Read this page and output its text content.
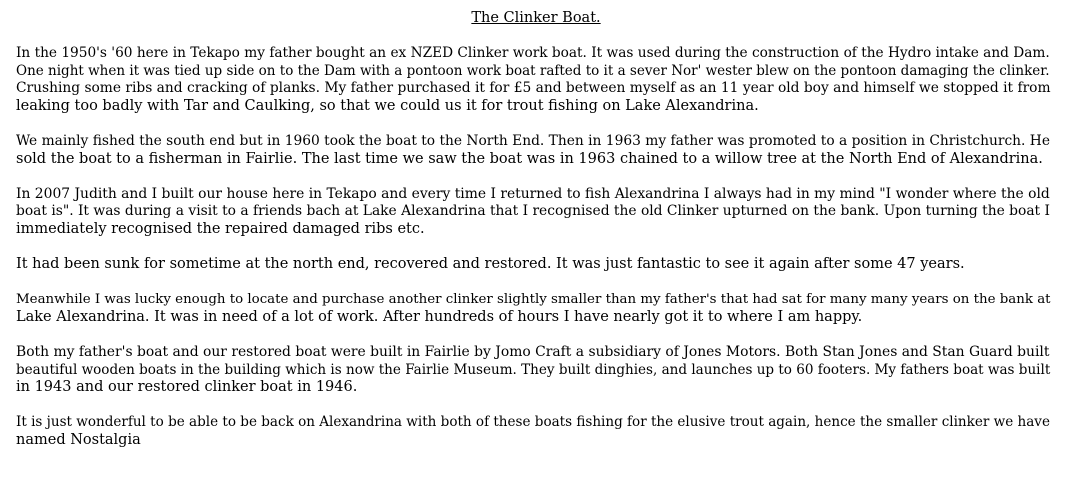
The Clinker Boat.
In the 1950's '60 here in Tekapo my father bought an ex NZED Clinker work boat. It was used during the construction of the Hydro intake and Dam.
One night when it was tied up side on to the Dam with a pontoon work boat rafted to it a sever Nor' wester blew on the pontoon damaging the clinker.
Crushing some ribs and cracking of planks. My father purchased it for £5 and between myself as an 11 year old boy and himself we stopped it from
leaking too badly with Tar and Caulking, so that we could us it for trout fishing on Lake Alexandrina.
We mainly fished the south end but in 1960 took the boat to the North End. Then in 1963 my father was promoted to a position in Christchurch. He
sold the boat to a fisherman in Fairlie. The last time we saw the boat was in 1963 chained to a willow tree at the North End of Alexandrina.
In 2007 Judith and I built our house here in Tekapo and every time I returned to fish Alexandrina I always had in my mind "I wonder where the old
boat is". It was during a visit to a friends bach at Lake Alexandrina that I recognised the old Clinker upturned on the bank. Upon turning the boat I
immediately recognised the repaired damaged ribs etc.
It had been sunk for sometime at the north end, recovered and restored. It was just fantastic to see it again after some 47 years.
Meanwhile I was lucky enough to locate and purchase another clinker slightly smaller than my father's that had sat for many many years on the bank at
Lake Alexandrina. It was in need of a lot of work. After hundreds of hours I have nearly got it to where I am happy.
Both my father's boat and our restored boat were built in Fairlie by Jomo Craft a subsidiary of Jones Motors. Both Stan Jones and Stan Guard built
beautiful wooden boats in the building which is now the Fairlie Museum. They built dinghies, and launches up to 60 footers. My fathers boat was built
in 1943 and our restored clinker boat in 1946.
It is just wonderful to be able to be back on Alexandrina with both of these boats fishing for the elusive trout again, hence the smaller clinker we have
named Nostalgia
